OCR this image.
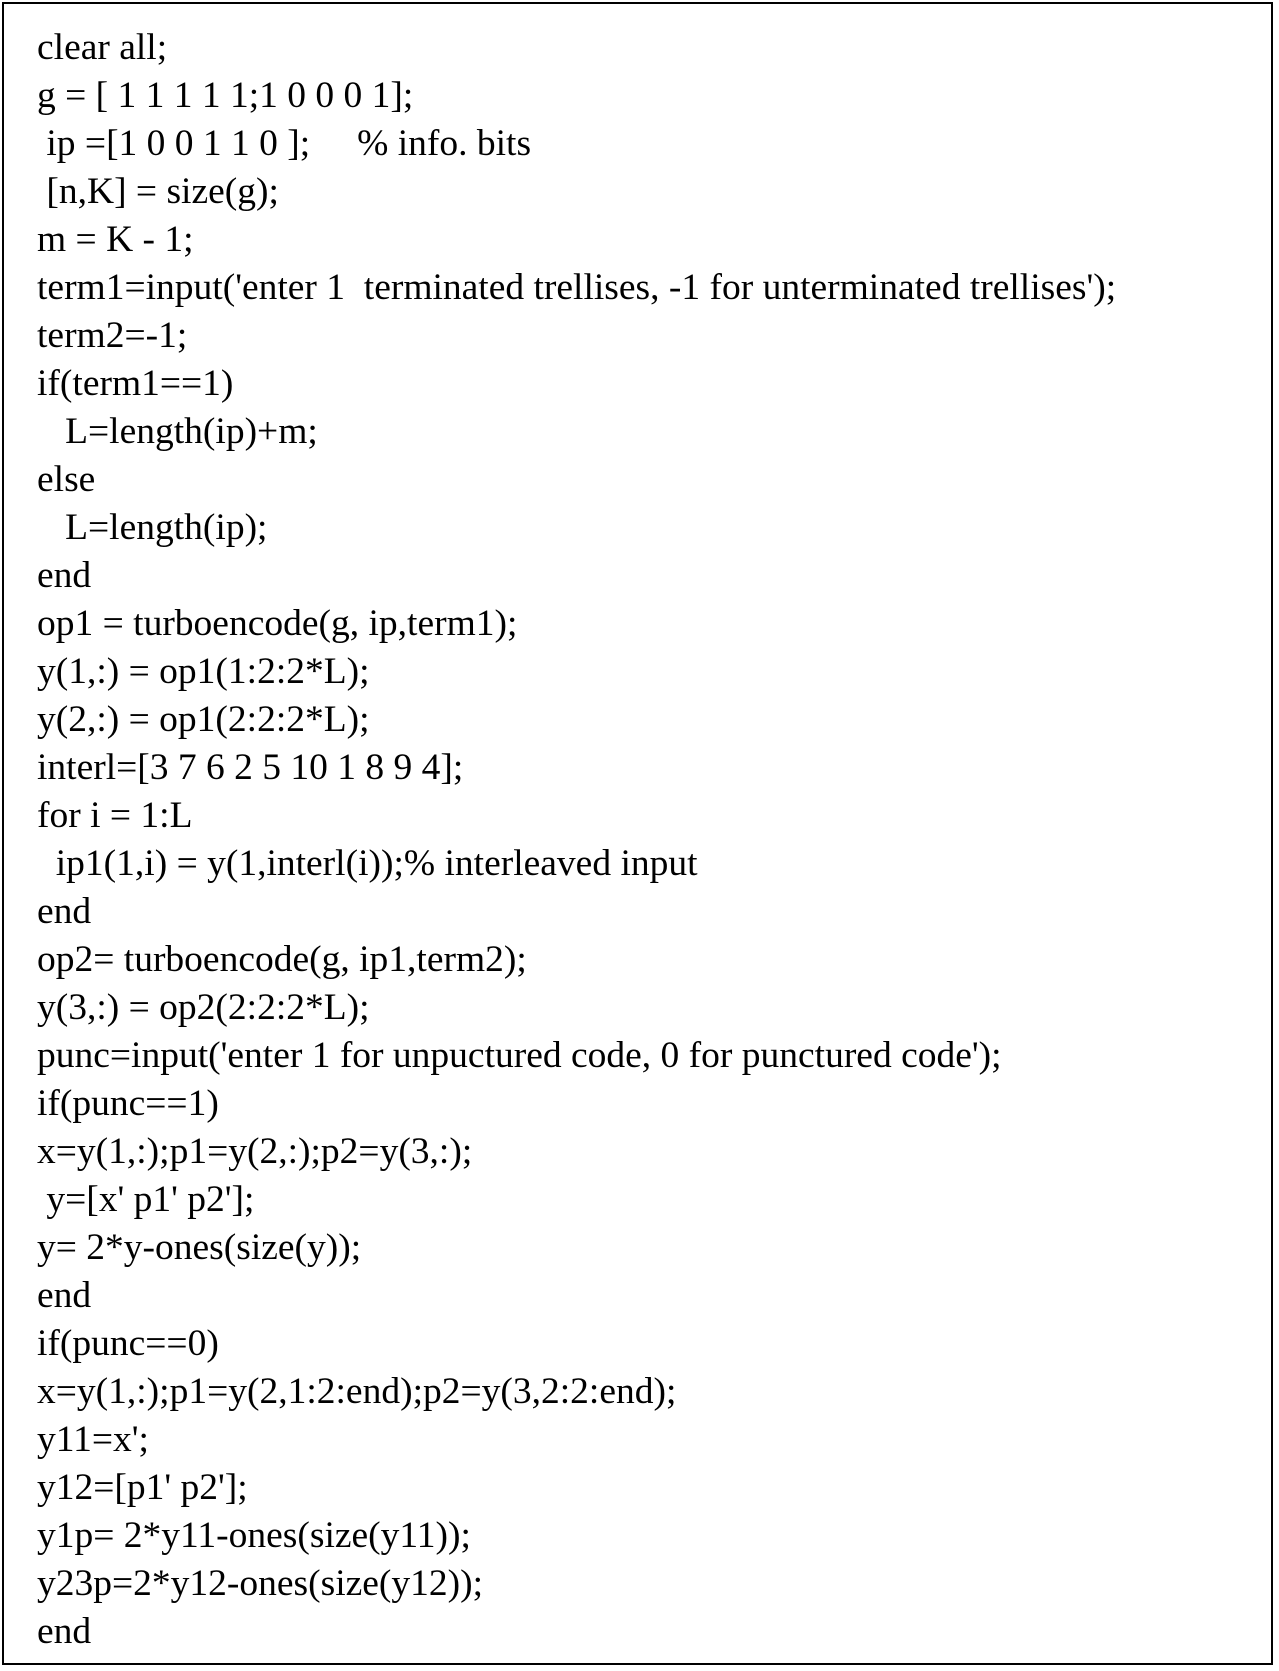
clear all;
g = [ 1 1 1 1 1;1 0 0 0 1];
ip =[1 0 0 1 1 0 ];     % info. bits
[n,K] = size(g);
m = K - 1;
term1=input('enter 1  terminated trellises, -1 for unterminated trellises');
term2=-1;
if(term1==1)
L=length(ip)+m;
else
L=length(ip);
end
op1 = turboencode(g, ip,term1);
y(1,:) = op1(1:2:2*L);
y(2,:) = op1(2:2:2*L);
interl=[3 7 6 2 5 10 1 8 9 4];
for i = 1:L
ip1(1,i) = y(1,interl(i));% interleaved input
end
op2= turboencode(g, ip1,term2);
y(3,:) = op2(2:2:2*L);
punc=input('enter 1 for unpuctured code, 0 for punctured code');
if(punc==1)
x=y(1,:);p1=y(2,:);p2=y(3,:);
y=[x' p1' p2'];
y= 2*y-ones(size(y));
end
if(punc==0)
x=y(1,:);p1=y(2,1:2:end);p2=y(3,2:2:end);
y11=x';
y12=[p1' p2'];
y1p= 2*y11-ones(size(y11));
y23p=2*y12-ones(size(y12));
end
